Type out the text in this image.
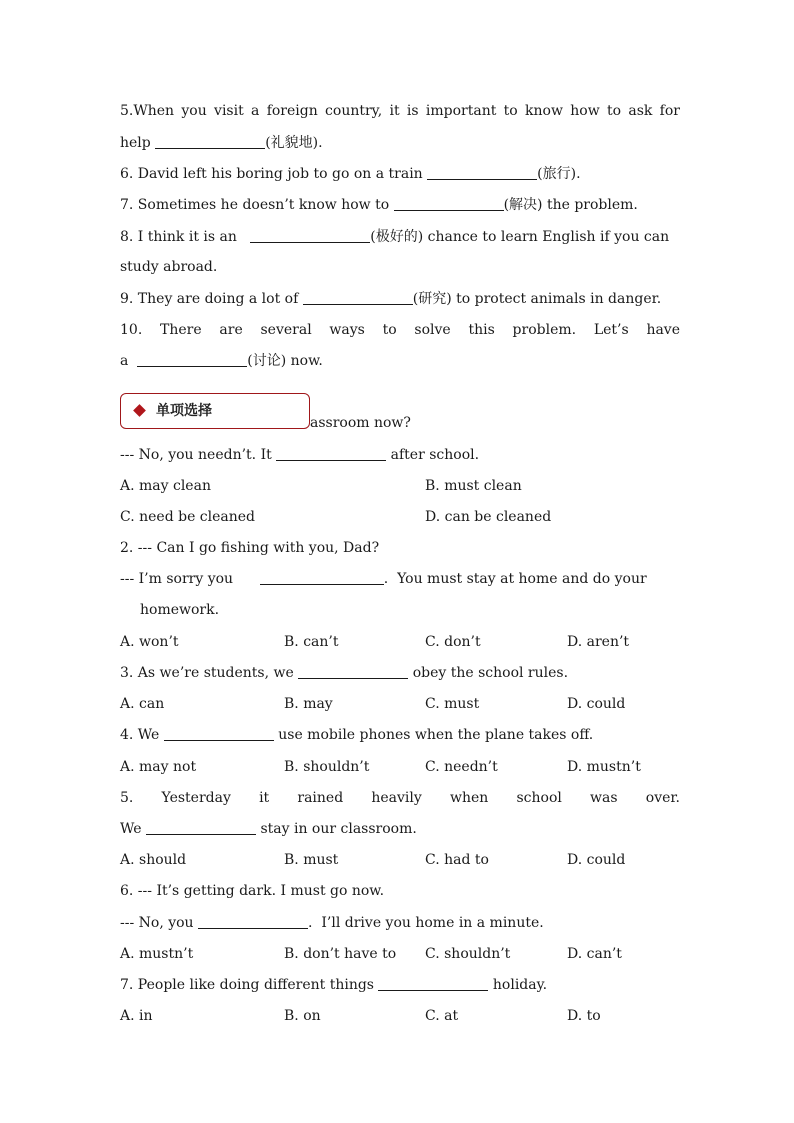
5.When you visit a foreign country, it is important to know how to ask for
help	(礼貌地).
6. David left his boring job to go on a train	(旅行).
7. Sometimes he doesn’t know how to	(解决) the problem.
8. I think it is an	(极好的) chance to learn English if you can
study abroad.
9. They are doing a lot of	(研究) to protect animals in danger.
10. There are several ways to solve this problem. Let’s have
a	(讨论) now.
assroom now?
单项选择
--- No, you needn’t. It	after school.
A. may clean	B. must clean
C. need be cleaned	D. can be cleaned
2. --- Can I go fishing with you, Dad?
--- I’m sorry you	. You must stay at home and do your
homework.
A. won’t	B. can’t	C. don’t	D. aren’t
3. As we’re students, we	obey the school rules.
A. can	B. may	C. must	D. could
4. We	use mobile phones when the plane takes off.
A. may not	B. shouldn’t	C. needn’t	D. mustn’t
5. Yesterday it rained heavily when school was over.
We	stay in our classroom.
A. should	B. must	C. had to	D. could
6. --- It’s getting dark. I must go now.
--- No, you	. I’ll drive you home in a minute.
A. mustn’t	B. don’t have to C. shouldn’t	D. can’t
7. People like doing different things	holiday.
A. in	B. on	C. at	D. to
